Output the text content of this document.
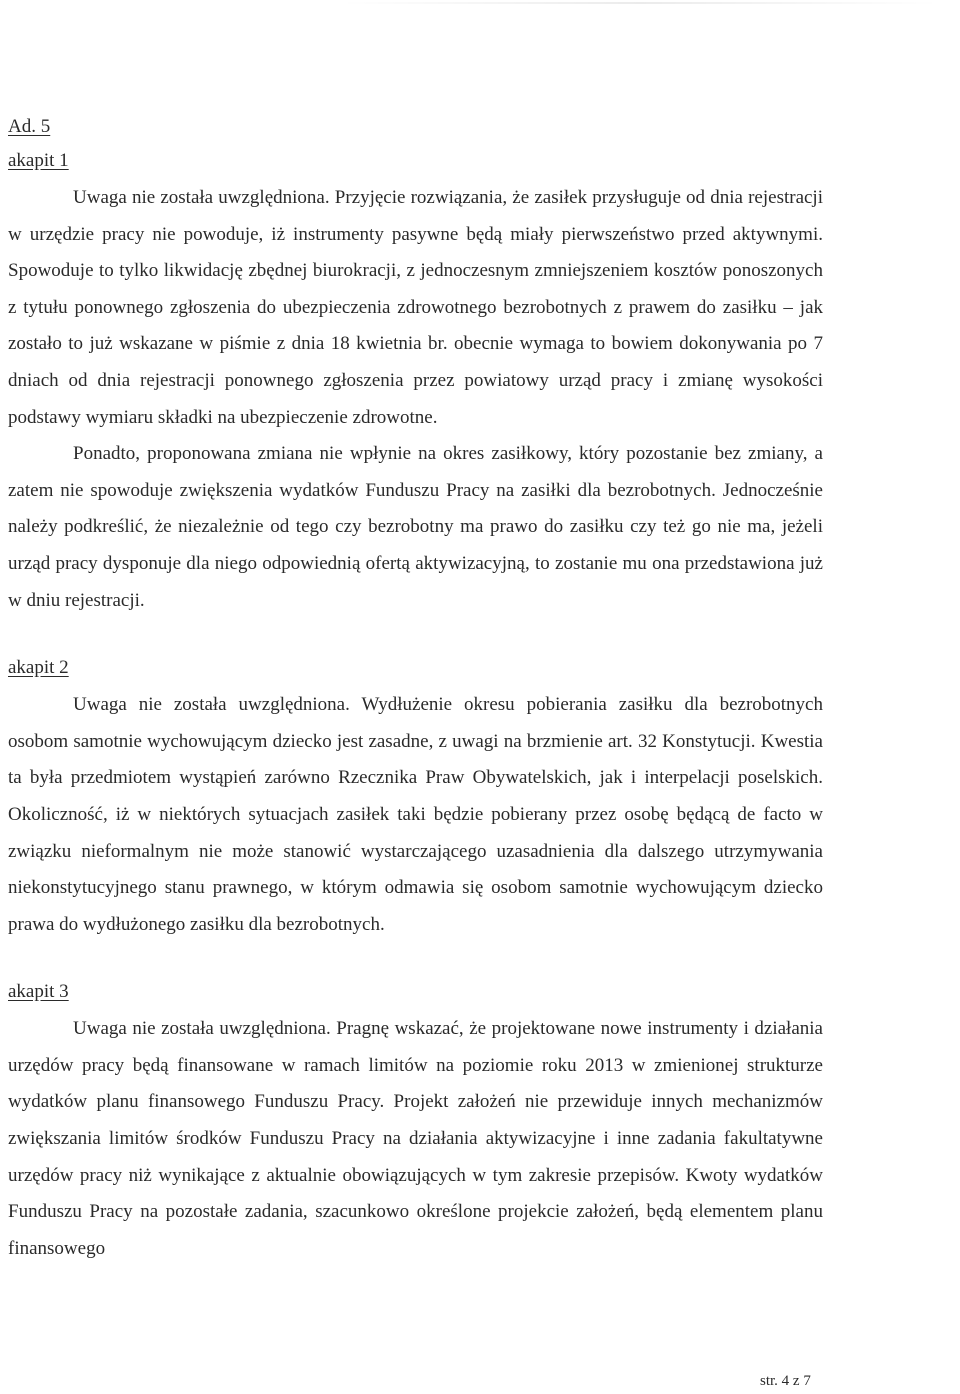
Ad. 5

akapit 1

Uwaga nie została uwzględniona. Przyjęcie rozwiązania, że zasiłek przysługuje od dnia rejestracji w urzędzie pracy nie powoduje, iż instrumenty pasywne będą miały pierwszeństwo przed aktywnymi. Spowoduje to tylko likwidację zbędnej biurokracji, z jednoczesnym zmniejszeniem kosztów ponoszonych z tytułu ponownego zgłoszenia do ubezpieczenia zdrowotnego bezrobotnych z prawem do zasiłku – jak zostało to już wskazane w piśmie z dnia 18 kwietnia br. obecnie wymaga to bowiem dokonywania po 7 dniach od dnia rejestracji ponownego zgłoszenia przez powiatowy urząd pracy i zmianę wysokości podstawy wymiaru składki na ubezpieczenie zdrowotne.

Ponadto, proponowana zmiana nie wpłynie na okres zasiłkowy, który pozostanie bez zmiany, a zatem nie spowoduje zwiększenia wydatków Funduszu Pracy na zasiłki dla bezrobotnych. Jednocześnie należy podkreślić, że niezależnie od tego czy bezrobotny ma prawo do zasiłku czy też go nie ma, jeżeli urząd pracy dysponuje dla niego odpowiednią ofertą aktywizacyjną, to zostanie mu ona przedstawiona już w dniu rejestracji.

akapit 2

Uwaga nie została uwzględniona. Wydłużenie okresu pobierania zasiłku dla bezrobotnych osobom samotnie wychowującym dziecko jest zasadne, z uwagi na brzmienie art. 32 Konstytucji. Kwestia ta była przedmiotem wystąpień zarówno Rzecznika Praw Obywatelskich, jak i interpelacji poselskich. Okoliczność, iż w niektórych sytuacjach zasiłek taki będzie pobierany przez osobę będącą de facto w związku nieformalnym nie może stanowić wystarczającego uzasadnienia dla dalszego utrzymywania niekonstytucyjnego stanu prawnego, w którym odmawia się osobom samotnie wychowującym dziecko prawa do wydłużonego zasiłku dla bezrobotnych.

akapit 3

Uwaga nie została uwzględniona. Pragnę wskazać, że projektowane nowe instrumenty i działania urzędów pracy będą finansowane w ramach limitów na poziomie roku 2013 w zmienionej strukturze wydatków planu finansowego Funduszu Pracy. Projekt założeń nie przewiduje innych mechanizmów zwiększania limitów środków Funduszu Pracy na działania aktywizacyjne i inne zadania fakultatywne urzędów pracy niż wynikające z aktualnie obowiązujących w tym zakresie przepisów. Kwoty wydatków Funduszu Pracy na pozostałe zadania, szacunkowo określone projekcie założeń, będą elementem planu finansowego

str. 4 z 7
